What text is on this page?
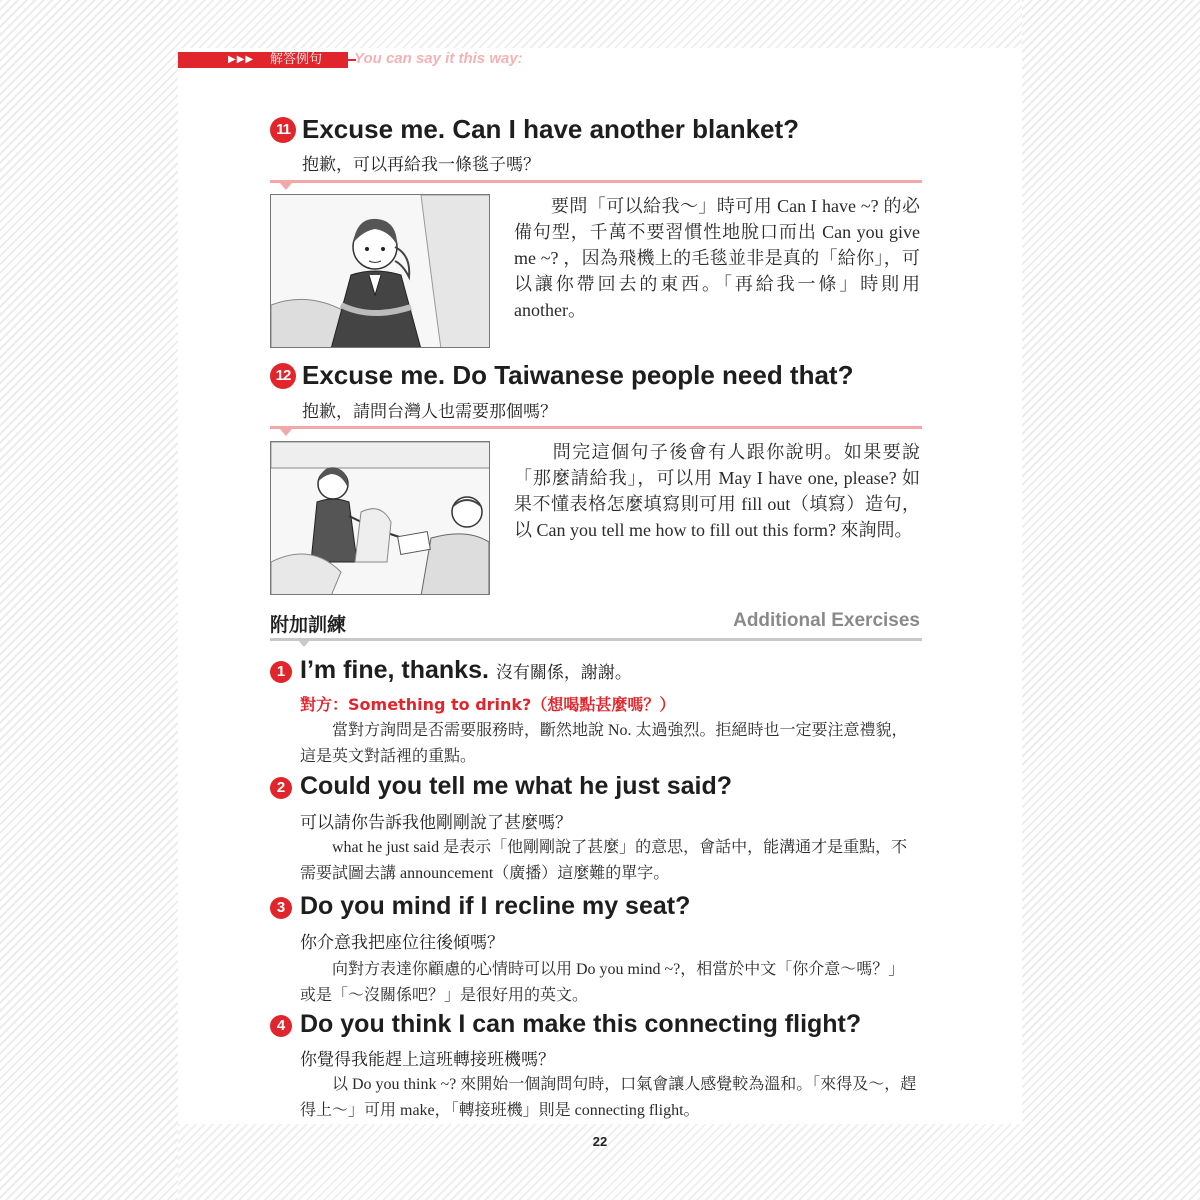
▶▶▶ 解答例句 You can say it this way:
11 Excuse me. Can I have another blanket?
抱歉，可以再給我一條毯子嗎？
　　要問「可以給我～」時可用 Can I have ~? 的必備句型，千萬不要習慣性地脫口而出 Can you give me ~? ，因為飛機上的毛毯並非是真的「給你」，可以讓你帶回去的東西。「再給我一條」時則用 another。
12 Excuse me. Do Taiwanese people need that?
抱歉，請問台灣人也需要那個嗎？
　　問完這個句子後會有人跟你說明。如果要說「那麼請給我」，可以用 May I have one, please? 如果不懂表格怎麼填寫則可用 fill out（填寫）造句，以 Can you tell me how to fill out this form? 來詢問。
附加訓練	Additional Exercises
1 I’m fine, thanks. 沒有關係，謝謝。
對方：Something to drink?（想喝點甚麼嗎？）
　　當對方詢問是否需要服務時，斷然地說 No. 太過強烈。拒絕時也一定要注意禮貌，這是英文對話裡的重點。
2 Could you tell me what he just said?
可以請你告訴我他剛剛說了甚麼嗎？
　　what he just said 是表示「他剛剛說了甚麼」的意思，會話中，能溝通才是重點，不需要試圖去講 announcement（廣播）這麼難的單字。
3 Do you mind if I recline my seat?
你介意我把座位往後傾嗎？
　　向對方表達你顧慮的心情時可以用 Do you mind ~?，相當於中文「你介意～嗎？」或是「～沒關係吧？」是很好用的英文。
4 Do you think I can make this connecting flight?
你覺得我能趕上這班轉接班機嗎？
　　以 Do you think ~? 來開始一個詢問句時，口氣會讓人感覺較為溫和。「來得及～，趕得上～」可用 make，「轉接班機」則是 connecting flight。
22
